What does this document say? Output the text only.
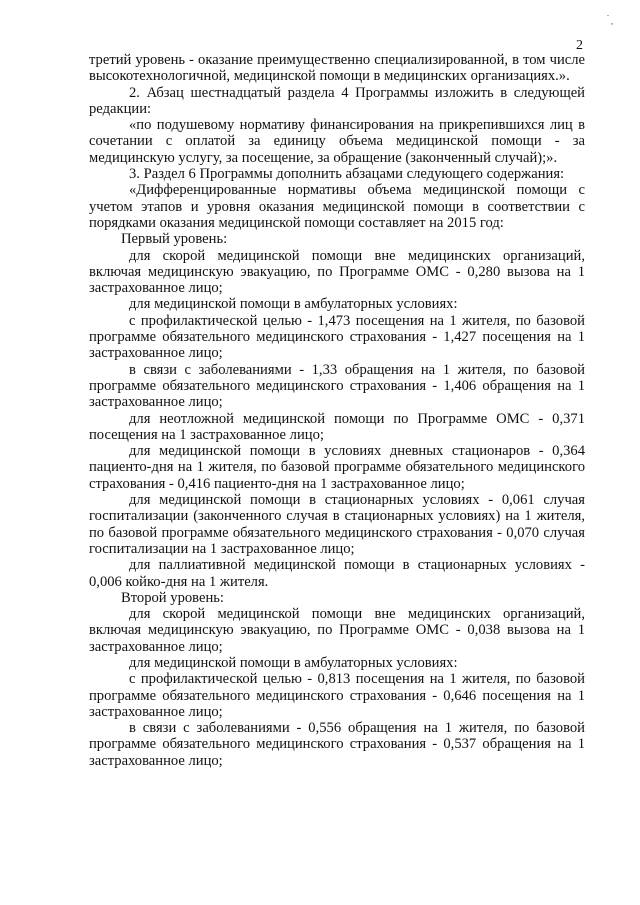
2
.
,

третий уровень - оказание преимущественно специализированной, в том числе высокотехнологичной, медицинской помощи в медицинских организациях.».

2. Абзац шестнадцатый раздела 4 Программы изложить в следующей редакции:

«по подушевому нормативу финансирования на прикрепившихся лиц в сочетании с оплатой за единицу объема медицинской помощи - за медицинскую услугу, за посещение, за обращение (законченный случай);».

3. Раздел 6 Программы дополнить абзацами следующего содержания:

«Дифференцированные нормативы объема медицинской помощи с учетом этапов и уровня оказания медицинской помощи в соответствии с порядками оказания медицинской помощи составляет на 2015 год:

Первый уровень:

для скорой медицинской помощи вне медицинских организаций, включая медицинскую эвакуацию, по Программе ОМС - 0,280 вызова на 1 застрахованное лицо;

для медицинской помощи в амбулаторных условиях:

с профилактической целью - 1,473 посещения на 1 жителя, по базовой программе обязательного медицинского страхования - 1,427 посещения на 1 застрахованное лицо;

в связи с заболеваниями - 1,33 обращения на 1 жителя, по базовой программе обязательного медицинского страхования - 1,406 обращения на 1 застрахованное лицо;

для неотложной медицинской помощи по Программе ОМС - 0,371 посещения на 1 застрахованное лицо;

для медицинской помощи в условиях дневных стационаров - 0,364 пациенто-дня на 1 жителя, по базовой программе обязательного медицинского страхования - 0,416 пациенто-дня на 1 застрахованное лицо;

для медицинской помощи в стационарных условиях - 0,061 случая госпитализации (законченного случая в стационарных условиях) на 1 жителя, по базовой программе обязательного медицинского страхования - 0,070 случая госпитализации на 1 застрахованное лицо;

для паллиативной медицинской помощи в стационарных условиях - 0,006 койко-дня на 1 жителя.

Второй уровень:

для скорой медицинской помощи вне медицинских организаций, включая медицинскую эвакуацию, по Программе ОМС - 0,038 вызова на 1 застрахованное лицо;

для медицинской помощи в амбулаторных условиях:

с профилактической целью - 0,813 посещения на 1 жителя, по базовой программе обязательного медицинского страхования - 0,646 посещения на 1 застрахованное лицо;

в связи с заболеваниями - 0,556 обращения на 1 жителя, по базовой программе обязательного медицинского страхования - 0,537 обращения на 1 застрахованное лицо;
